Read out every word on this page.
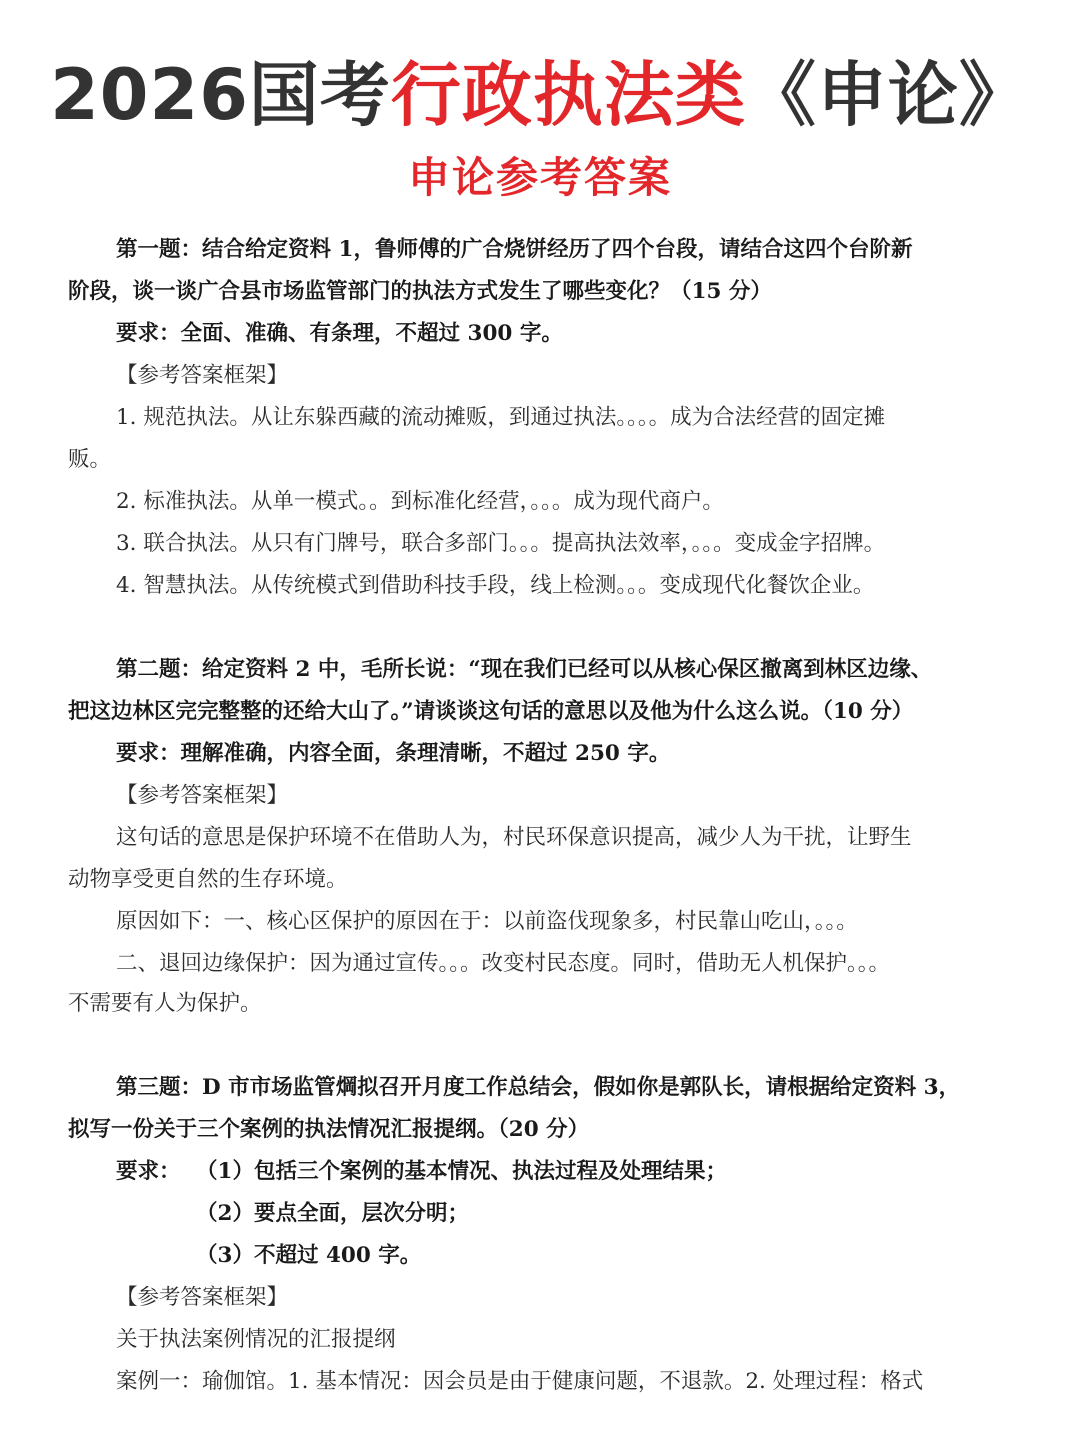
2026国考行政执法类《申论》
申论参考答案
第一题：结合给定资料 1，鲁师傅的广合烧饼经历了四个台段，请结合这四个台阶新
阶段，谈一谈广合县市场监管部门的执法方式发生了哪些变化？（15 分）
要求：全面、准确、有条理，不超过 300 字。
【参考答案框架】
1. 规范执法。从让东躲西藏的流动摊贩，到通过执法。。。。成为合法经营的固定摊
贩。
2. 标准执法。从单一模式。。到标准化经营，。。。成为现代商户。
3. 联合执法。从只有门牌号，联合多部门。。。提高执法效率，。。。变成金字招牌。
4. 智慧执法。从传统模式到借助科技手段，线上检测。。。变成现代化餐饮企业。
第二题：给定资料 2 中，毛所长说：“现在我们已经可以从核心保区撤离到林区边缘、
把这边林区完完整整的还给大山了。”请谈谈这句话的意思以及他为什么这么说。（10 分）
要求：理解准确，内容全面，条理清晰，不超过 250 字。
【参考答案框架】
这句话的意思是保护环境不在借助人为，村民环保意识提高，减少人为干扰，让野生
动物享受更自然的生存环境。
原因如下：一、核心区保护的原因在于：以前盗伐现象多，村民靠山吃山，。。。
二、退回边缘保护：因为通过宣传。。。改变村民态度。同时，借助无人机保护。。。
不需要有人为保护。
第三题：D 市市场监管焵拟召开月度工作总结会，假如你是郭队长，请根据给定资料 3，
拟写一份关于三个案例的执法情况汇报提纲。（20 分）
要求： （1）包括三个案例的基本情况、执法过程及处理结果；
（2）要点全面，层次分明；
（3）不超过 400 字。
【参考答案框架】
关于执法案例情况的汇报提纲
案例一：瑜伽馆。1. 基本情况：因会员是由于健康问题，不退款。2. 处理过程：格式
